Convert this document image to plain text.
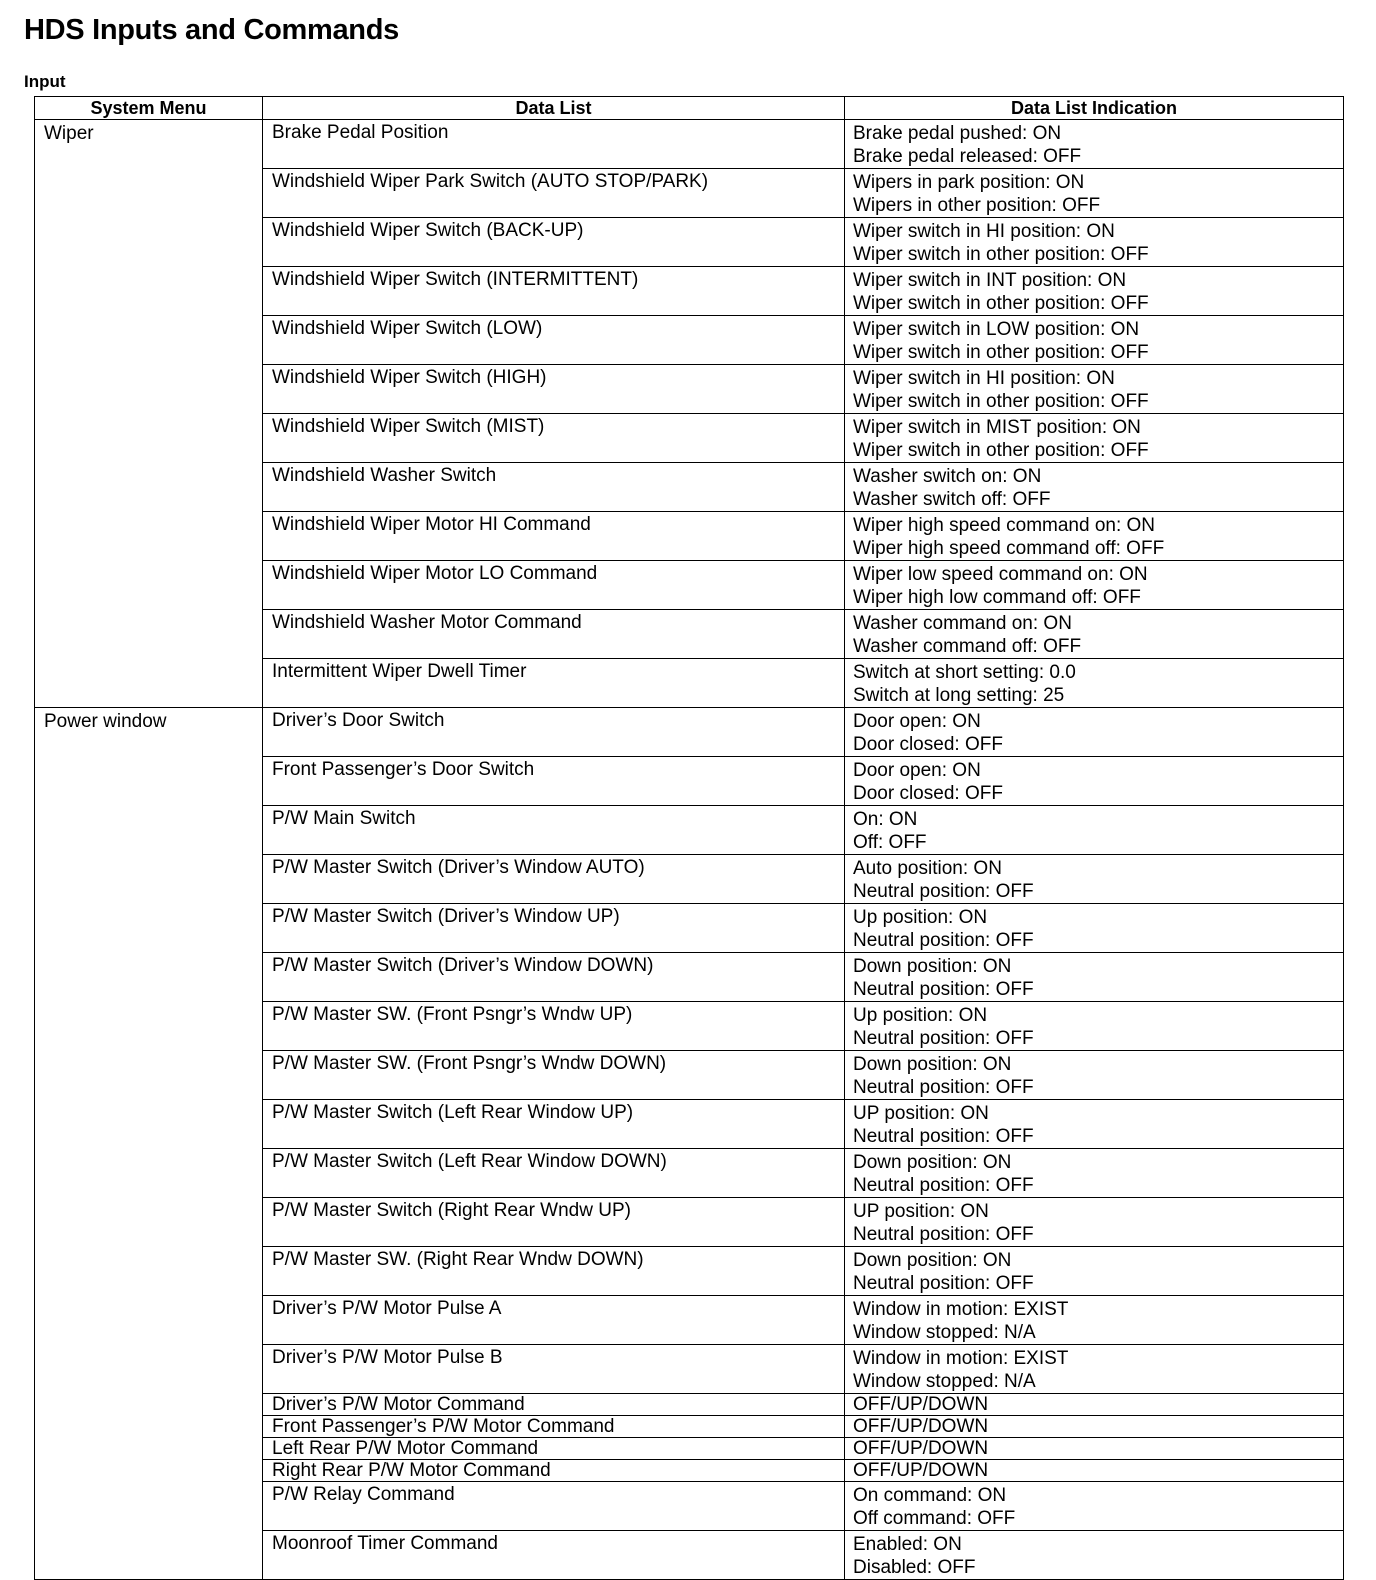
HDS Inputs and Commands
Input
System Menu	Data List	Data List Indication
Wiper	Brake Pedal Position	Brake pedal pushed: ON
Brake pedal released: OFF

	Windshield Wiper Park Switch (AUTO STOP/PARK)	Wipers in park position: ON
Wipers in other position: OFF

	Windshield Wiper Switch (BACK-UP)	Wiper switch in HI position: ON
Wiper switch in other position: OFF

	Windshield Wiper Switch (INTERMITTENT)	Wiper switch in INT position: ON
Wiper switch in other position: OFF

	Windshield Wiper Switch (LOW)	Wiper switch in LOW position: ON
Wiper switch in other position: OFF

	Windshield Wiper Switch (HIGH)	Wiper switch in HI position: ON
Wiper switch in other position: OFF

	Windshield Wiper Switch (MIST)	Wiper switch in MIST position: ON
Wiper switch in other position: OFF

	Windshield Washer Switch	Washer switch on: ON
Washer switch off: OFF

	Windshield Wiper Motor HI Command	Wiper high speed command on: ON
Wiper high speed command off: OFF

	Windshield Wiper Motor LO Command	Wiper low speed command on: ON
Wiper high low command off: OFF

	Windshield Washer Motor Command	Washer command on: ON
Washer command off: OFF

	Intermittent Wiper Dwell Timer	Switch at short setting: 0.0
Switch at long setting: 25

Power window	Driver’s Door Switch	Door open: ON
Door closed: OFF

	Front Passenger’s Door Switch	Door open: ON
Door closed: OFF

	P/W Main Switch	On: ON
Off: OFF

	P/W Master Switch (Driver’s Window AUTO)	Auto position: ON
Neutral position: OFF

	P/W Master Switch (Driver’s Window UP)	Up position: ON
Neutral position: OFF

	P/W Master Switch (Driver’s Window DOWN)	Down position: ON
Neutral position: OFF

	P/W Master SW. (Front Psngr’s Wndw UP)	Up position: ON
Neutral position: OFF

	P/W Master SW. (Front Psngr’s Wndw DOWN)	Down position: ON
Neutral position: OFF

	P/W Master Switch (Left Rear Window UP)	UP position: ON
Neutral position: OFF

	P/W Master Switch (Left Rear Window DOWN)	Down position: ON
Neutral position: OFF

	P/W Master Switch (Right Rear Wndw UP)	UP position: ON
Neutral position: OFF

	P/W Master SW. (Right Rear Wndw DOWN)	Down position: ON
Neutral position: OFF

	Driver’s P/W Motor Pulse A	Window in motion: EXIST
Window stopped: N/A

	Driver’s P/W Motor Pulse B	Window in motion: EXIST
Window stopped: N/A

	Driver’s P/W Motor Command	OFF/UP/DOWN

	Front Passenger’s P/W Motor Command	OFF/UP/DOWN

	Left Rear P/W Motor Command	OFF/UP/DOWN

	Right Rear P/W Motor Command	OFF/UP/DOWN

	P/W Relay Command	On command: ON
Off command: OFF

	Moonroof Timer Command	Enabled: ON
Disabled: OFF
